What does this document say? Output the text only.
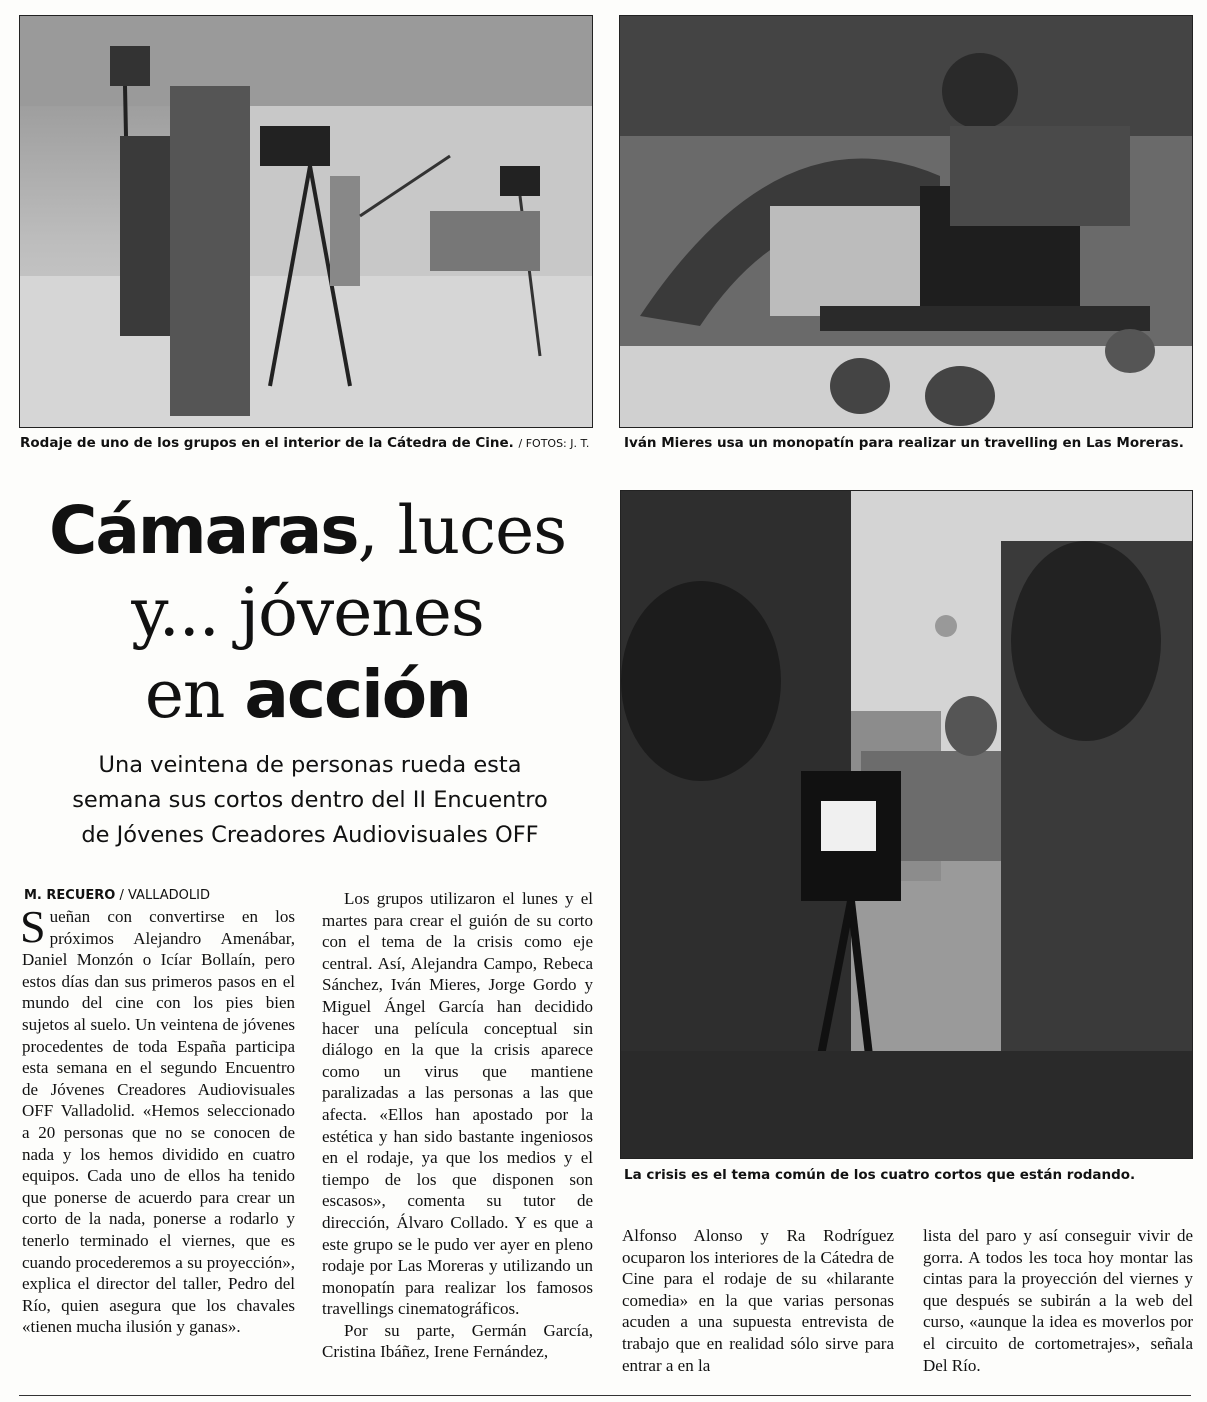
Rodaje de uno de los grupos en el interior de la Cátedra de Cine. / FOTOS: J. T.	Iván Mieres usa un monopatín para realizar un travelling en Las Moreras.
Cámaras, luces
y... jóvenes
en acción
Una veintena de personas rueda esta
semana sus cortos dentro del II Encuentro
de Jóvenes Creadores Audiovisuales OFF
M. RECUERO / VALLADOLID

Sueñan con convertirse en los próximos Alejandro Amenábar, Daniel Monzón o Icíar Bollaín, pero estos días dan sus primeros pasos en el mundo del cine con los pies bien sujetos al suelo. Un veintena de jóvenes procedentes de toda España participa esta semana en el segundo Encuentro de Jóvenes Creadores Audiovisuales OFF Valladolid. «Hemos seleccionado a 20 personas que no se conocen de nada y los hemos dividido en cuatro equipos. Cada uno de ellos ha tenido que ponerse de acuerdo para crear un corto de la nada, ponerse a rodarlo y tenerlo terminado el viernes, que es cuando procederemos a su proyección», explica el director del taller, Pedro del Río, quien asegura que los chavales «tienen mucha ilusión y ganas».

Los grupos utilizaron el lunes y el martes para crear el guión de su corto con el tema de la crisis como eje central. Así, Alejandra Campo, Rebeca Sánchez, Iván Mieres, Jorge Gordo y Miguel Ángel García han decidido hacer una película conceptual sin diálogo en la que la crisis aparece como un virus que mantiene paralizadas a las personas a las que afecta. «Ellos han apostado por la estética y han sido bastante ingeniosos en el rodaje, ya que los medios y el tiempo de los que disponen son escasos», comenta su tutor de dirección, Álvaro Collado. Y es que a este grupo se le pudo ver ayer en pleno rodaje por Las Moreras y utilizando un monopatín para realizar los famosos travellings cinematográficos.

Por su parte, Germán García, Cristina Ibáñez, Irene Fernández,

La crisis es el tema común de los cuatro cortos que están rodando.

Alfonso Alonso y Ra Rodríguez ocuparon los interiores de la Cátedra de Cine para el rodaje de su «hilarante comedia» en la que varias personas acuden a una supuesta entrevista de trabajo que en realidad sólo sirve para entrar a en la

lista del paro y así conseguir vivir de gorra. A todos les toca hoy montar las cintas para la proyección del viernes y que después se subirán a la web del curso, «aunque la idea es moverlos por el circuito de cortometrajes», señala Del Río.
